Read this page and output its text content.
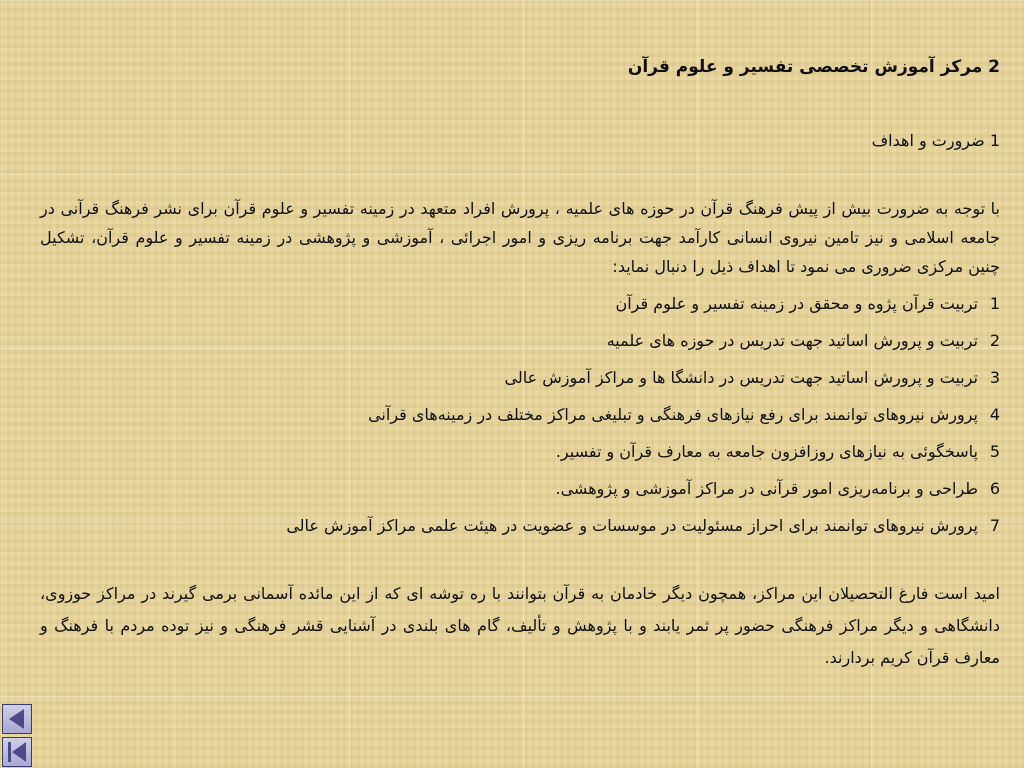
2 مرکز آموزش تخصصی تفسیر و علوم قرآن

1 ضرورت و اهداف

با توجه به ضرورت بیش از پیش فرهنگ قرآن در حوزه های علمیه ، پرورش افراد متعهد در زمینه تفسیر و علوم قرآن برای نشر فرهنگ قرآنی در جامعه اسلامی و نیز تامین نیروی انسانی کارآمد جهت برنامه ریزی و امور اجرائی ، آموزشی و پژوهشی در زمینه تفسیر و علوم قرآن، تشکیل چنین مرکزی ضروری می نمود تا اهداف ذیل را دنبال نماید:

1تربیت قرآن پژوه و محقق در زمینه تفسیر و علوم قرآن
2تربیت و پرورش اساتید جهت تدریس در حوزه های علمیه
3تربیت و پرورش اساتید جهت تدریس در دانشگا ها و مراکز آموزش عالی
4پرورش نیروهای توانمند برای رفع نیازهای فرهنگی و تبلیغی مراکز مختلف در زمینه‌های قرآنی
5پاسخگوئی به نیازهای روزافزون جامعه به معارف قرآن و تفسیر.
6طراحی و برنامه‌ریزی امور قرآنی در مراکز آموزشی و پژوهشی.
7پرورش نیروهای توانمند برای احراز مسئولیت در موسسات و عضویت در هیئت علمی مراکز آموزش عالی

امید است فارغ التحصیلان این مراکز، همچون دیگر خادمان به قرآن بتوانند با ره توشه ای که از این مائده آسمانی برمی گیرند در مراکز حوزوی، دانشگاهی و دیگر مراکز فرهنگی حضور پر ثمر یابند و با پژوهش و تألیف، گام های بلندی در آشنایی قشر فرهنگی و نیز توده مردم با فرهنگ و معارف قرآن کریم بردارند.
